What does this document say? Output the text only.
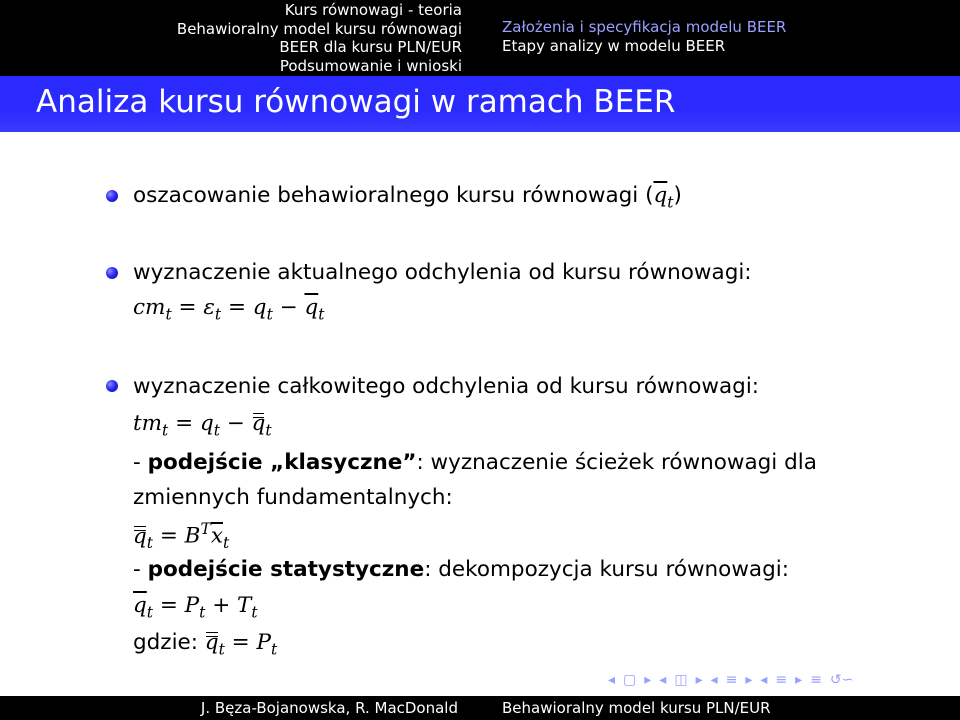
Kurs równowagi - teoria
Behawioralny model kursu równowagi
BEER dla kursu PLN/EUR
Podsumowanie i wnioski
Założenia i specyfikacja modelu BEER
Etapy analizy w modelu BEER
Analiza kursu równowagi w ramach BEER
oszacowanie behawioralnego kursu równowagi $(\overline{q}_t)$
wyznaczenie aktualnego odchylenia od kursu równowagi:
$cm_t = \varepsilon_t = q_t - \overline{q}_t$
wyznaczenie całkowitego odchylenia od kursu równowagi:
$tm_t = q_t - q_t$
- podejście „klasyczne”: wyznaczenie ścieżek równowagi dla
zmiennych fundamentalnych:
$q_t = B^T\overline{x}_t$
- podejście statystyczne: dekompozycja kursu równowagi:
$\overline{q}_t = P_t + T_t$
gdzie: $q_t = P_t$
◂ ▢ ▸ ◂ ◫ ▸ ◂ ≡ ▸ ◂ ≡ ▸ ≡ ↺∽
J. Bęza-Bojanowska, R. MacDonald	Behawioralny model kursu PLN/EUR
